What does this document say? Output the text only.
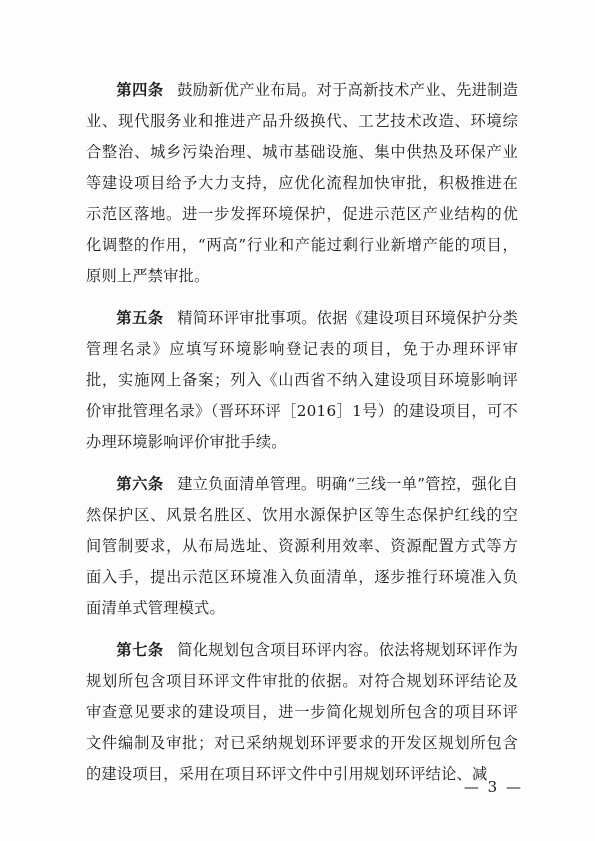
第四条 鼓励新优产业布局。对于高新技术产业、先进制造业、现代服务业和推进产品升级换代、工艺技术改造、环境综合整治、城乡污染治理、城市基础设施、集中供热及环保产业等建设项目给予大力支持，应优化流程加快审批，积极推进在示范区落地。进一步发挥环境保护，促进示范区产业结构的优化调整的作用，“两高”行业和产能过剩行业新增产能的项目，原则上严禁审批。

第五条 精简环评审批事项。依据《建设项目环境保护分类管理名录》应填写环境影响登记表的项目，免于办理环评审批，实施网上备案；列入《山西省不纳入建设项目环境影响评价审批管理名录》（晋环环评［2016］1号）的建设项目，可不办理环境影响评价审批手续。

第六条 建立负面清单管理。明确“三线一单”管控，强化自然保护区、风景名胜区、饮用水源保护区等生态保护红线的空间管制要求，从布局选址、资源利用效率、资源配置方式等方面入手，提出示范区环境准入负面清单，逐步推行环境准入负面清单式管理模式。

第七条 简化规划包含项目环评内容。依法将规划环评作为规划所包含项目环评文件审批的依据。对符合规划环评结论及审查意见要求的建设项目，进一步简化规划所包含的项目环评文件编制及审批；对已采纳规划环评要求的开发区规划所包含的建设项目，采用在项目环评文件中引用规划环评结论、减

— 3 —
